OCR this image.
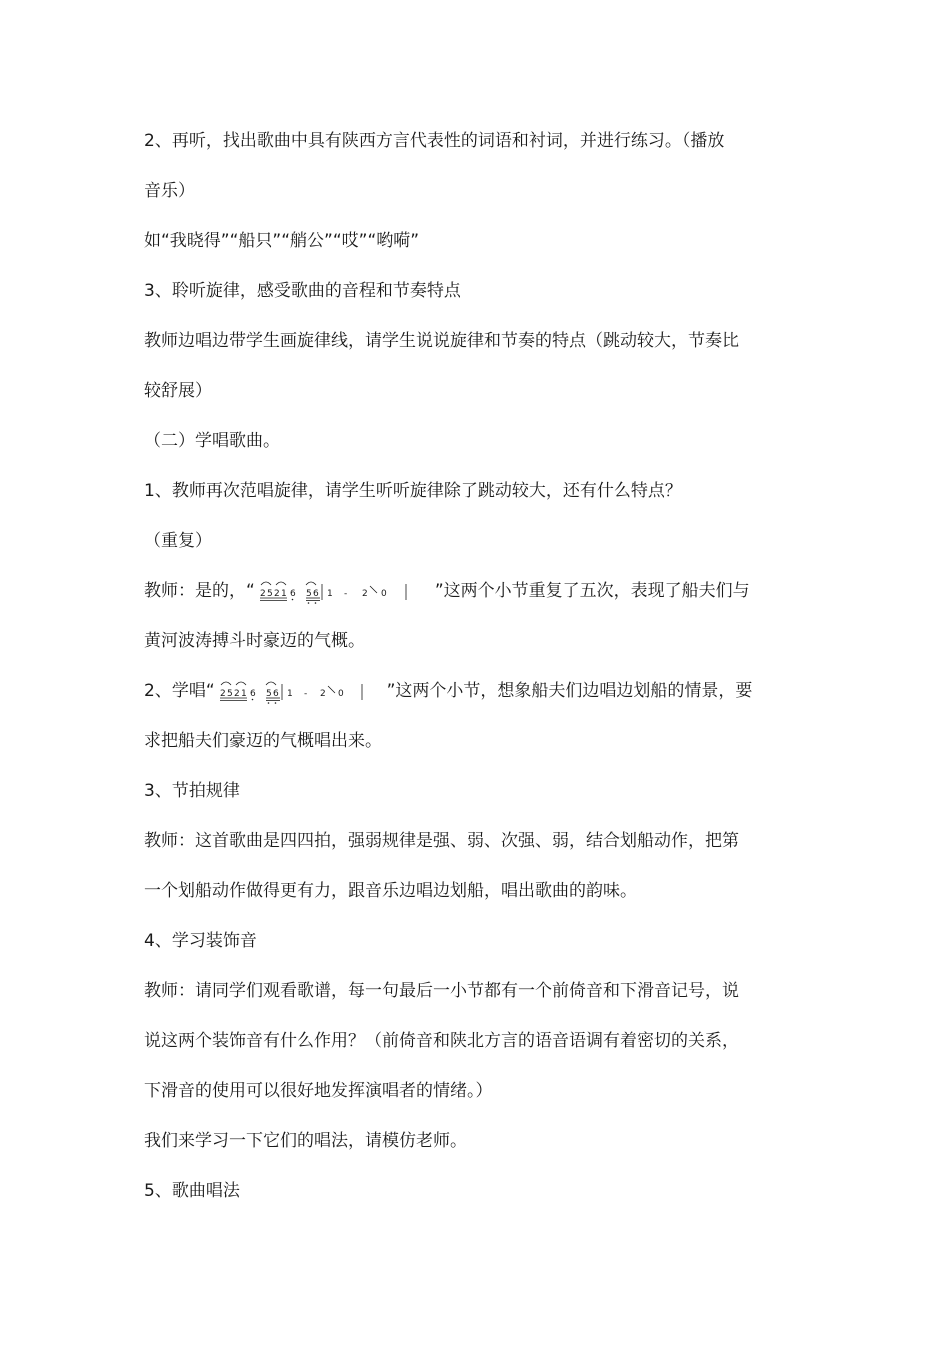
2、再听，找出歌曲中具有陕西方言代表性的词语和衬词，并进行练习。（播放
音乐）
如“我晓得”“船只”“艄公”“哎”“哟嗬”
3、聆听旋律，感受歌曲的音程和节奏特点
教师边唱边带学生画旋律线，请学生说说旋律和节奏的特点（跳动较大，节奏比
较舒展）
（二）学唱歌曲。
1、教师再次范唱旋律，请学生听听旋律除了跳动较大，还有什么特点？
（重复）
教师：是的，“ 2 5 2 1 6 5 6 1 - 2 0	”这两个小节重复了五次，表现了船夫们与
黄河波涛搏斗时豪迈的气概。
2、学唱“ 2 5 2 1 6 5 6 1 - 2 0	”这两个小节，想象船夫们边唱边划船的情景，要
求把船夫们豪迈的气概唱出来。
3、节拍规律
教师：这首歌曲是四四拍，强弱规律是强、弱、次强、弱，结合划船动作，把第
一个划船动作做得更有力，跟音乐边唱边划船，唱出歌曲的韵味。
4、学习装饰音
教师：请同学们观看歌谱，每一句最后一小节都有一个前倚音和下滑音记号，说
说这两个装饰音有什么作用？（前倚音和陕北方言的语音语调有着密切的关系，
下滑音的使用可以很好地发挥演唱者的情绪。）
我们来学习一下它们的唱法，请模仿老师。
5、歌曲唱法
